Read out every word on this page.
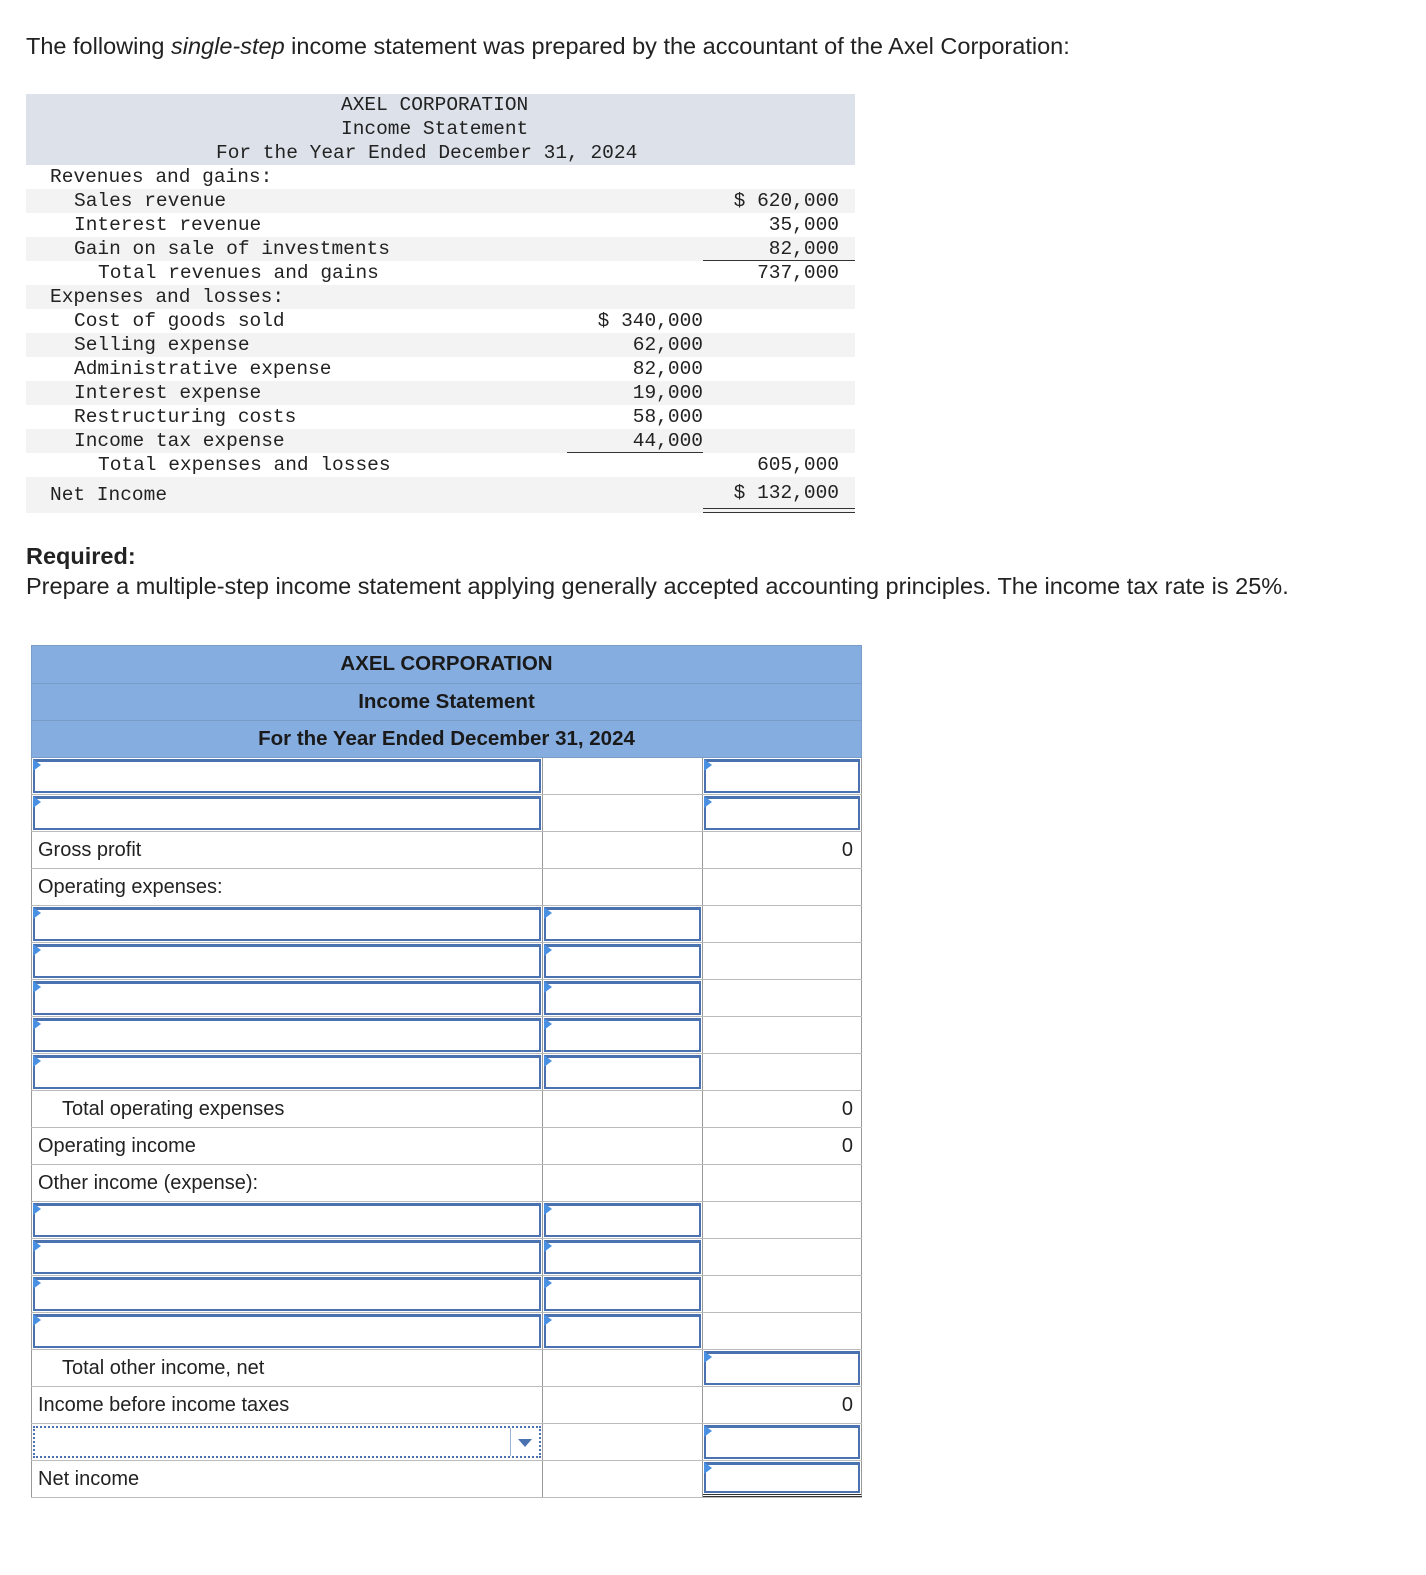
The following single-step income statement was prepared by the accountant of the Axel Corporation:

AXEL CORPORATION
Income Statement
For the Year Ended December 31, 2024
Revenues and gains:
Sales revenue	$ 620,000
Interest revenue	35,000
Gain on sale of investments	82,000
Total revenues and gains	737,000
Expenses and losses:
Cost of goods sold	$ 340,000
Selling expense	62,000
Administrative expense	82,000
Interest expense	19,000
Restructuring costs	58,000
Income tax expense	44,000
Total expenses and losses	605,000
Net Income	$ 132,000

Required:

Prepare a multiple-step income statement applying generally accepted accounting principles. The income tax rate is 25%.

AXEL CORPORATION
Income Statement
For the Year Ended December 31, 2024
Gross profit	0
Operating expenses:
Total operating expenses	0
Operating income	0
Other income (expense):
Total other income, net
Income before income taxes	0
Net income
